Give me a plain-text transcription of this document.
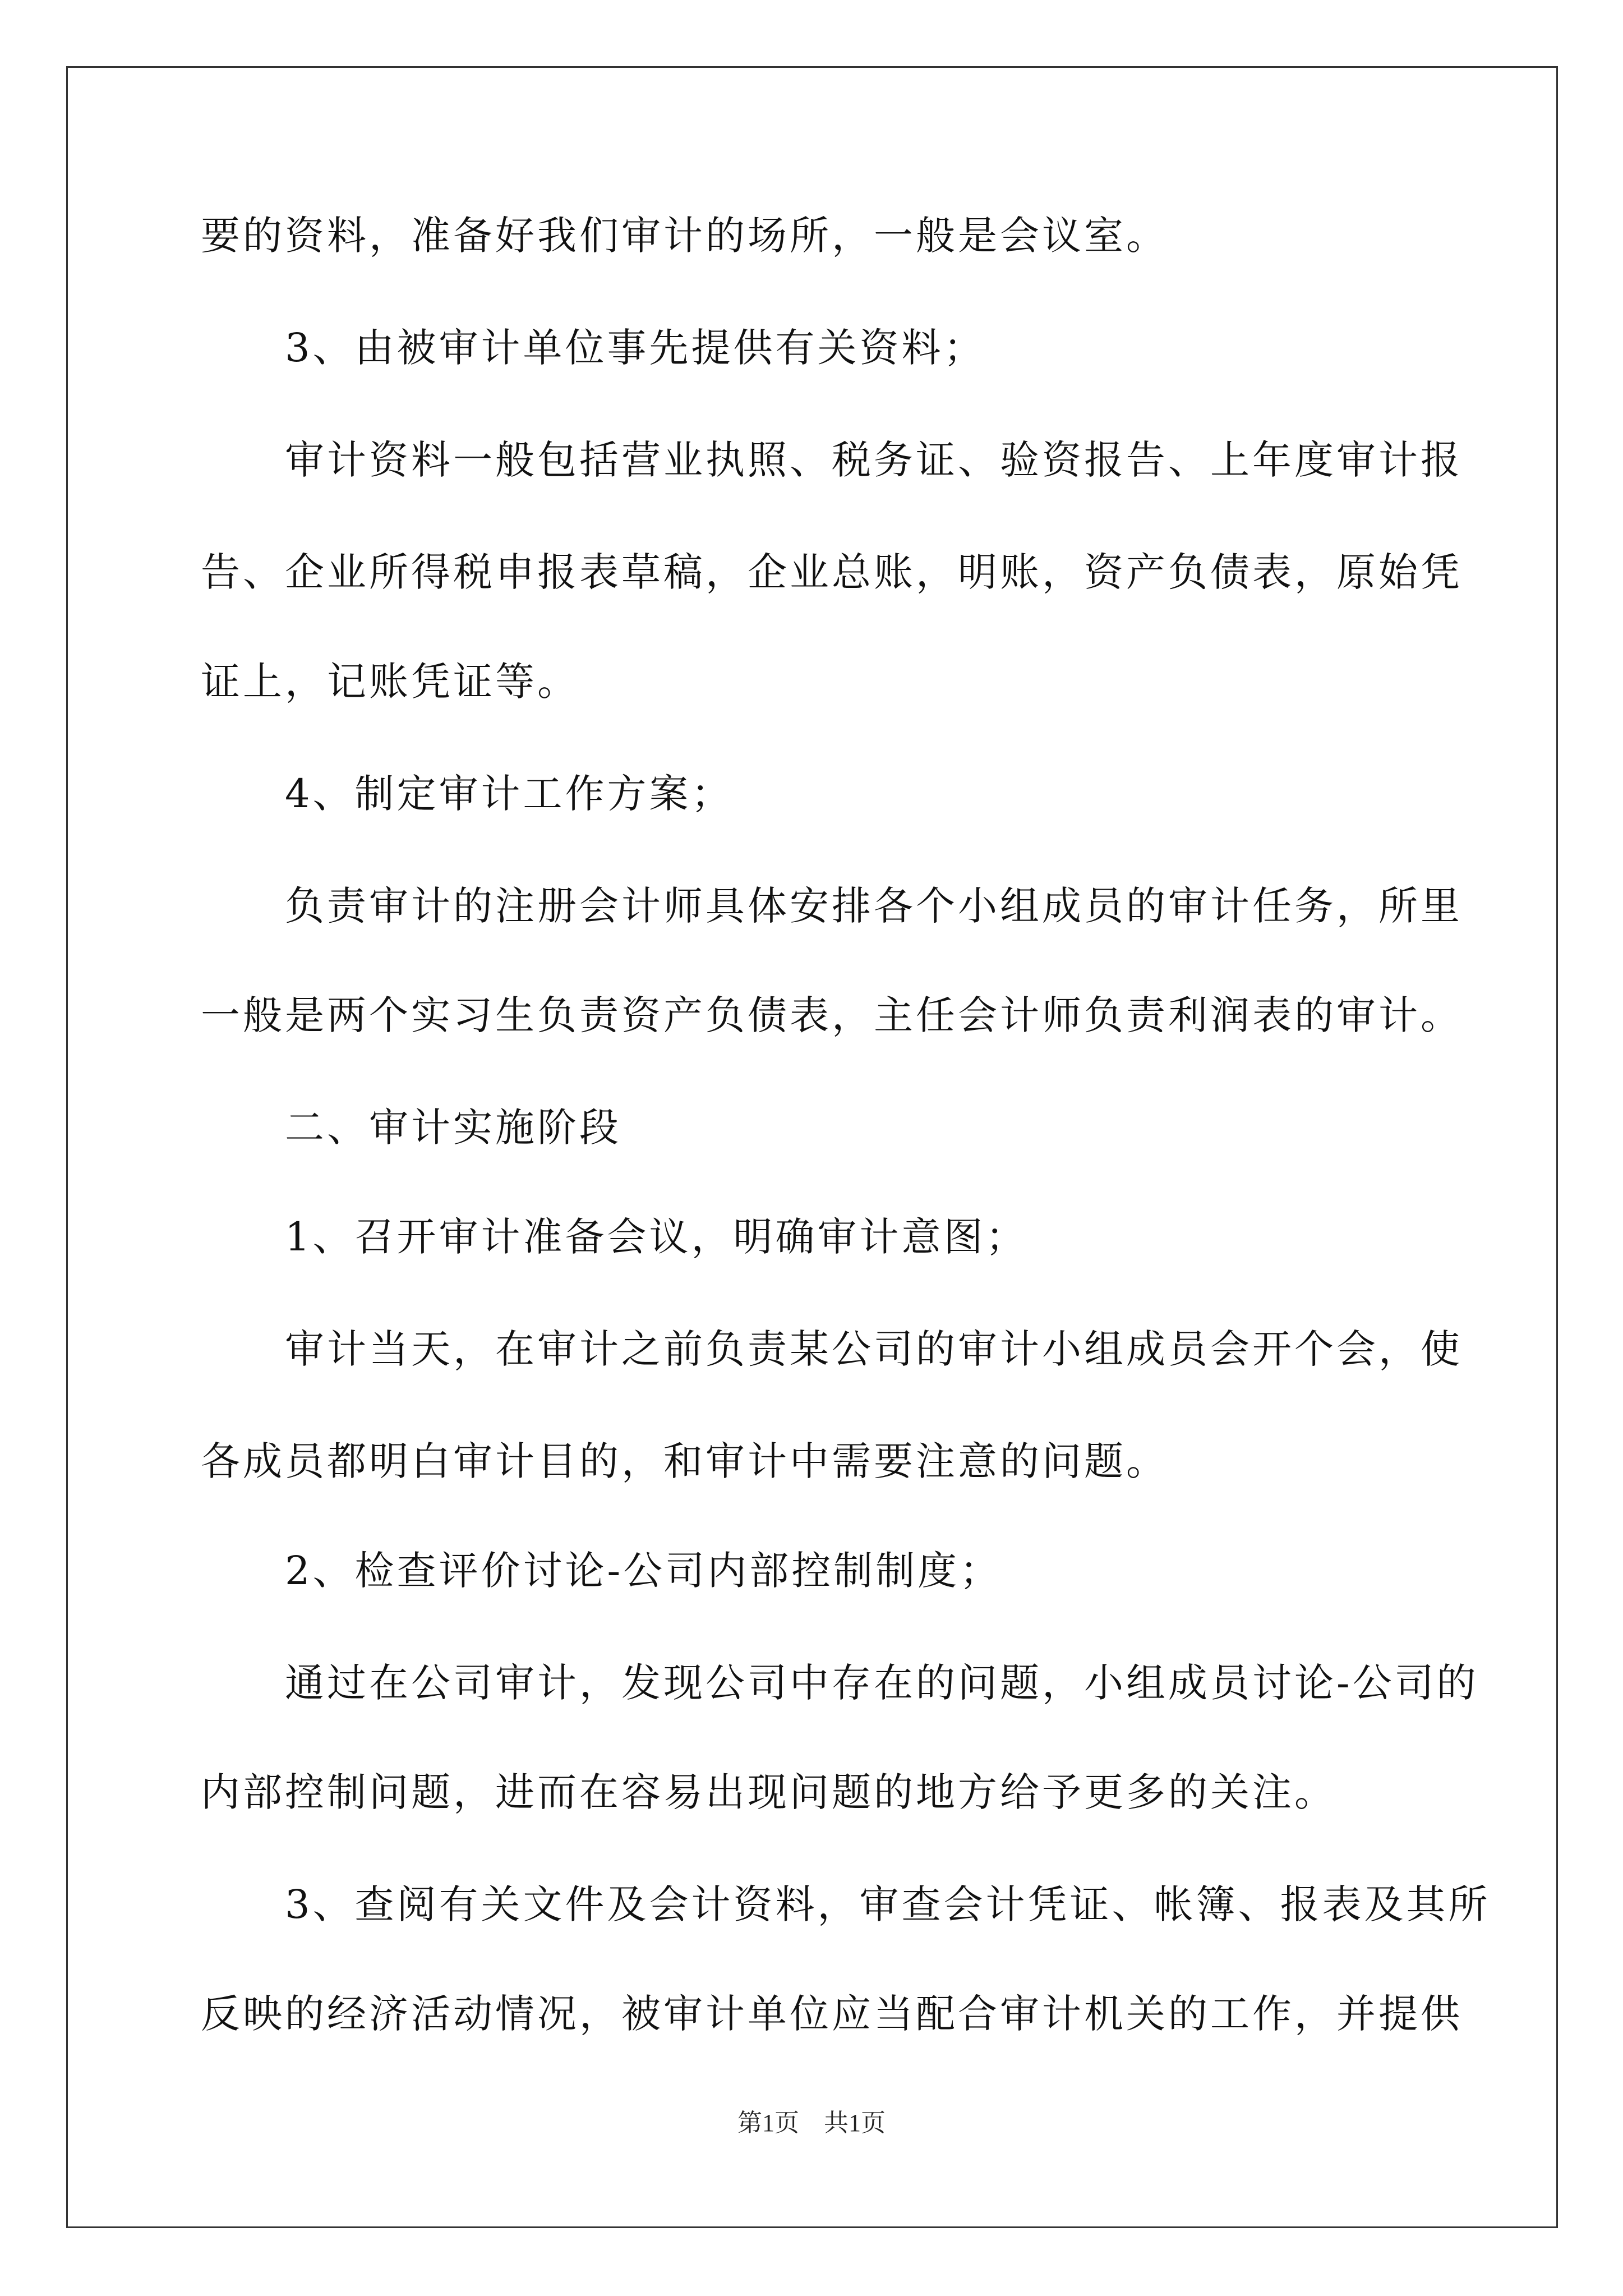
要的资料，准备好我们审计的场所，一般是会议室。
　　3、由被审计单位事先提供有关资料；
　　审计资料一般包括营业执照、税务证、验资报告、上年度审计报
告、企业所得税申报表草稿，企业总账，明账，资产负债表，原始凭
证上，记账凭证等。
　　4、制定审计工作方案；
　　负责审计的注册会计师具体安排各个小组成员的审计任务，所里
一般是两个实习生负责资产负债表，主任会计师负责利润表的审计。
　　二、审计实施阶段
　　1、召开审计准备会议，明确审计意图；
　　审计当天，在审计之前负责某公司的审计小组成员会开个会，使
各成员都明白审计目的，和审计中需要注意的问题。
　　2、检查评价讨论-公司内部控制制度；
　　通过在公司审计，发现公司中存在的问题，小组成员讨论-公司的
内部控制问题，进而在容易出现问题的地方给予更多的关注。
　　3、查阅有关文件及会计资料，审查会计凭证、帐簿、报表及其所
反映的经济活动情况，被审计单位应当配合审计机关的工作，并提供
第1页　共1页
